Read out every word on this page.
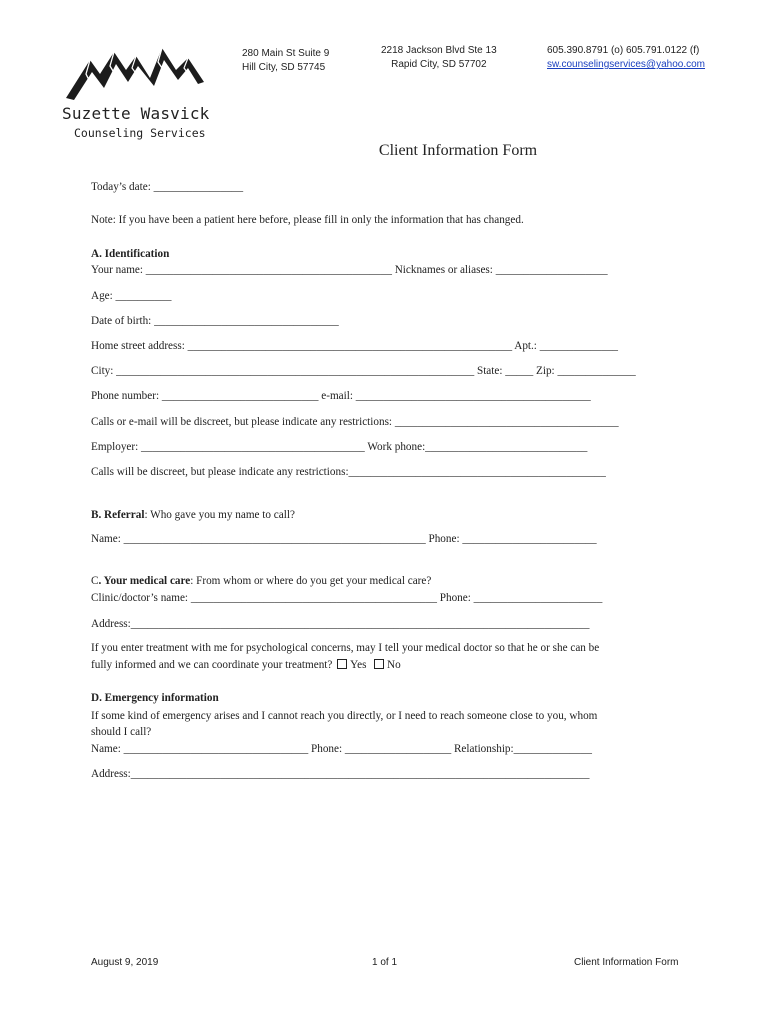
Suzette Wasvick
Counseling Services
280 Main St Suite 9
Hill City, SD 57745
2218 Jackson Blvd Ste 13
Rapid City, SD 57702
605.390.8791 (o) 605.791.0122 (f)
sw.counselingservices@yahoo.com
Client Information Form
Today’s date: ________________
Note: If you have been a patient here before, please fill in only the information that has changed.
A. Identification
Your name: ____________________________________________ Nicknames or aliases: ____________________
Age: __________
Date of birth: _________________________________
Home street address: __________________________________________________________ Apt.: ______________
City: ________________________________________________________________ State: _____ Zip: ______________
Phone number: ____________________________ e-mail: __________________________________________
Calls or e-mail will be discreet, but please indicate any restrictions: ________________________________________
Employer: ________________________________________ Work phone:_____________________________
Calls will be discreet, but please indicate any restrictions:______________________________________________
B. Referral: Who gave you my name to call?
Name: ______________________________________________________ Phone: ________________________
C. Your medical care: From whom or where do you get your medical care?
Clinic/doctor’s name: ____________________________________________ Phone: _______________________
Address:__________________________________________________________________________________
If you enter treatment with me for psychological concerns, may I tell your medical doctor so that he or she can be
fully informed and we can coordinate your treatment? Yes No
D. Emergency information
If some kind of emergency arises and I cannot reach you directly, or I need to reach someone close to you, whom
should I call?
Name: _________________________________ Phone: ___________________ Relationship:______________
Address:__________________________________________________________________________________
August 9, 2019	1 of 1	Client Information Form
